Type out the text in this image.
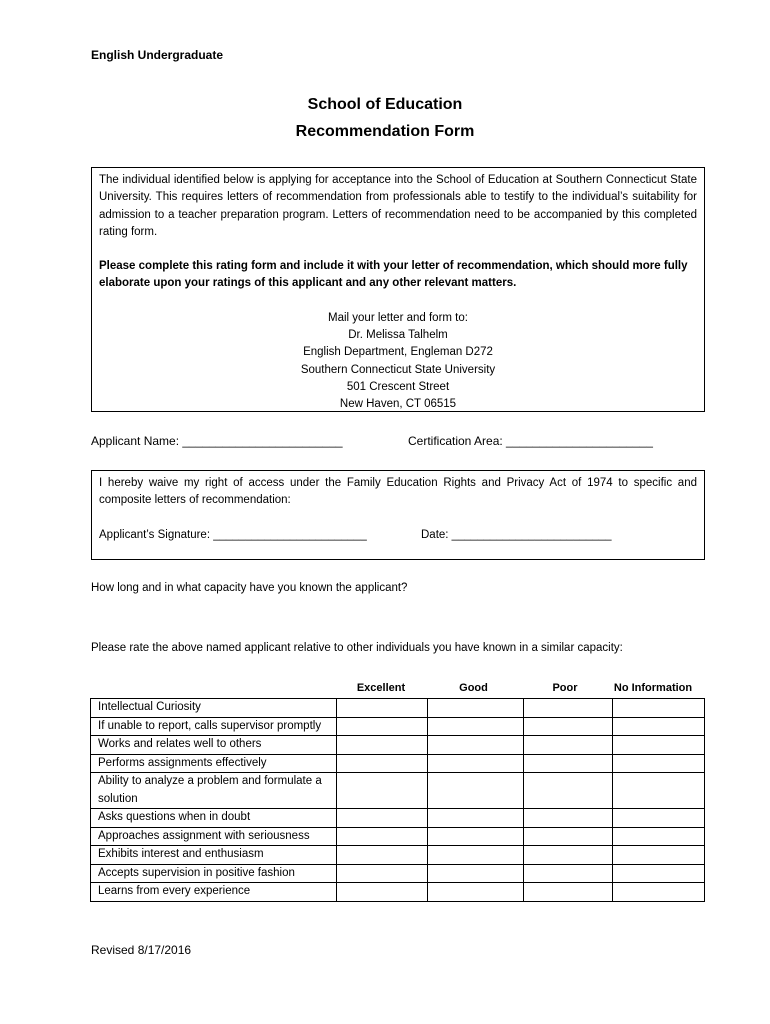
English Undergraduate
School of Education
Recommendation Form

The individual identified below is applying for acceptance into the School of Education at Southern Connecticut State University. This requires letters of recommendation from professionals able to testify to the individual’s suitability for admission to a teacher preparation program. Letters of recommendation need to be accompanied by this completed rating form.

Please complete this rating form and include it with your letter of recommendation, which should more fully elaborate upon your ratings of this applicant and any other relevant matters.

Mail your letter and form to:

Dr. Melissa Talhelm

English Department, Engleman D272

Southern Connecticut State University

501 Crescent Street

New Haven, CT 06515

Applicant Name: ________________________	Certification Area: ______________________
I hereby waive my right of access under the Family Education Rights and Privacy Act of 1974 to specific and composite letters of recommendation:
Applicant’s Signature: ________________________	Date: _________________________
How long and in what capacity have you known the applicant?
Please rate the above named applicant relative to other individuals you have known in a similar capacity:
Excellent	Good	Poor	No Information
Intellectual Curiosity				
If unable to report, calls supervisor promptly				
Works and relates well to others				
Performs assignments effectively				
Ability to analyze a problem and formulate a solution				
Asks questions when in doubt				
Approaches assignment with seriousness				
Exhibits interest and enthusiasm				
Accepts supervision in positive fashion				
Learns from every experience				
Revised 8/17/2016
